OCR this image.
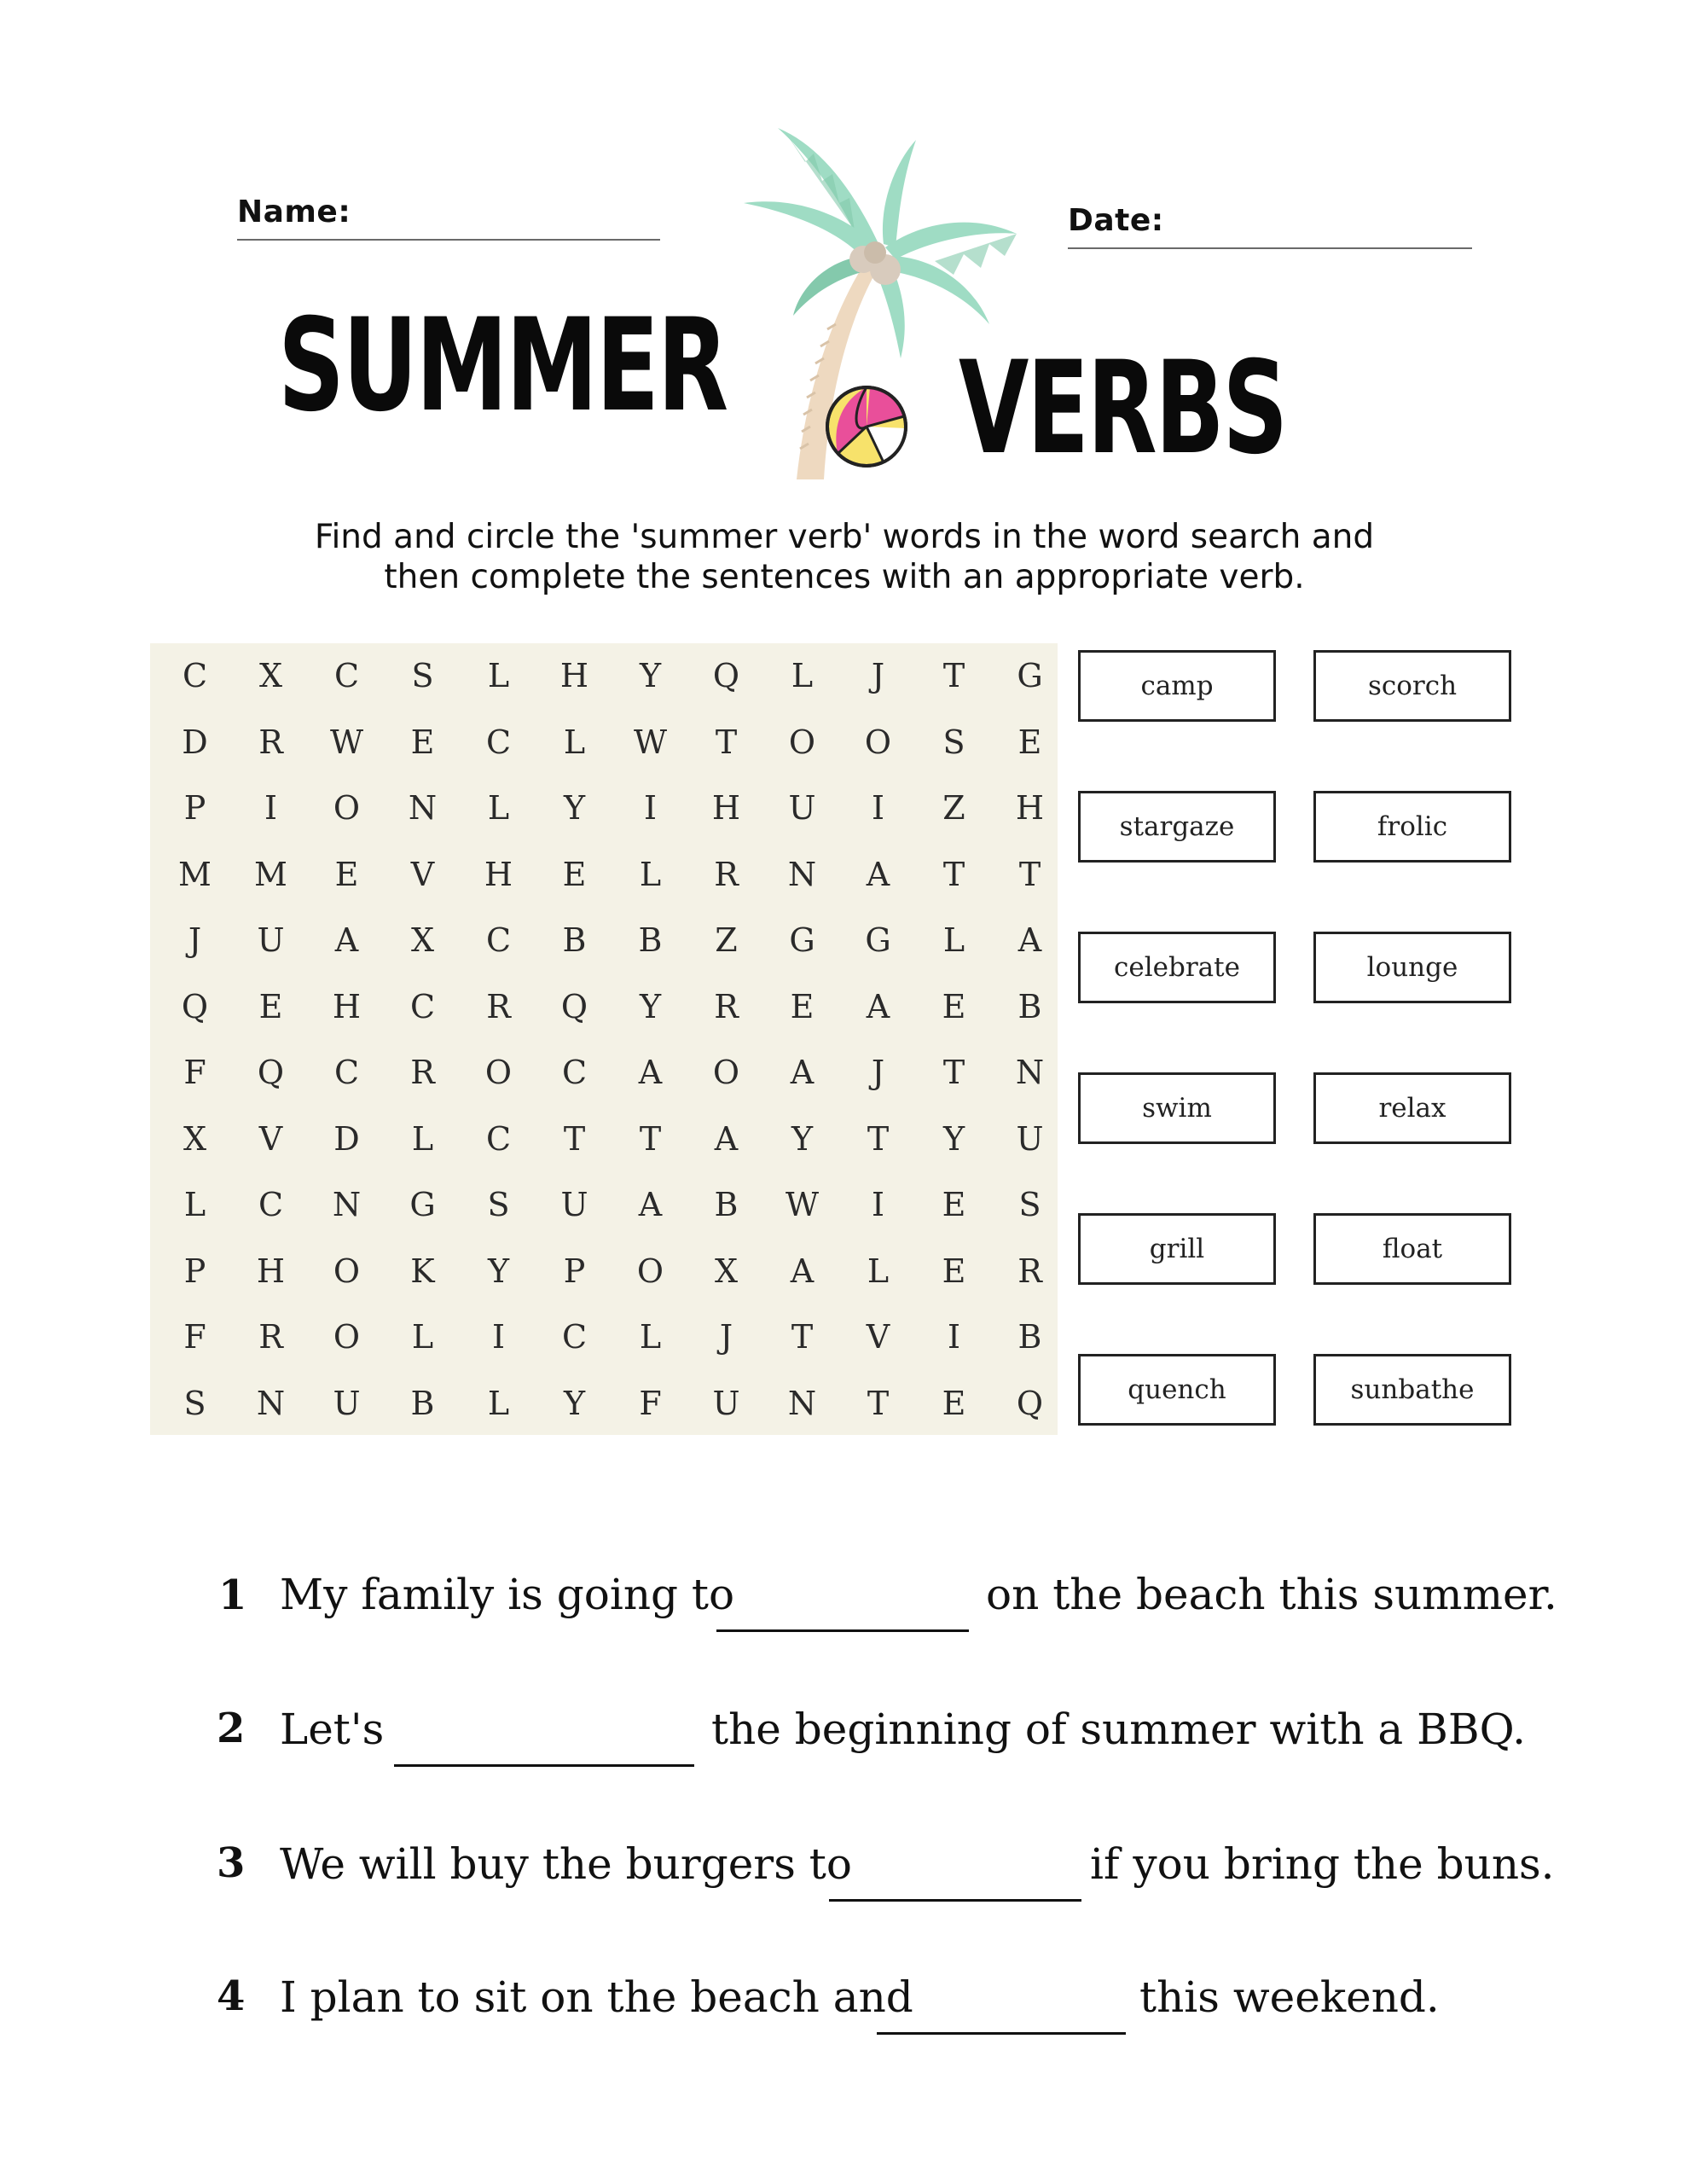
Name:	Date:
SUMMER VERBS
Find and circle the 'summer verb' words in the word search and then complete the sentences with an appropriate verb.
C	X	C	S	L	H	Y	Q	L	J	T	G
D	R	W	E	C	L	W	T	O	O	S	E
P	I	O	N	L	Y	I	H	U	I	Z	H
M	M	E	V	H	E	L	R	N	A	T	T
J	U	A	X	C	B	B	Z	G	G	L	A
Q	E	H	C	R	Q	Y	R	E	A	E	B
F	Q	C	R	O	C	A	O	A	J	T	N
X	V	D	L	C	T	T	A	Y	T	Y	U
L	C	N	G	S	U	A	B	W	I	E	S
P	H	O	K	Y	P	O	X	A	L	E	R
F	R	O	L	I	C	L	J	T	V	I	B
S	N	U	B	L	Y	F	U	N	T	E	Q
camp	scorch
stargaze	frolic
celebrate	lounge
swim	relax
grill	float
quench	sunbathe
1 My family is going to	on the beach this summer.
2 Let's	the beginning of summer with a BBQ.
3 We will buy the burgers to	if you bring the buns.
4 I plan to sit on the beach and	this weekend.
